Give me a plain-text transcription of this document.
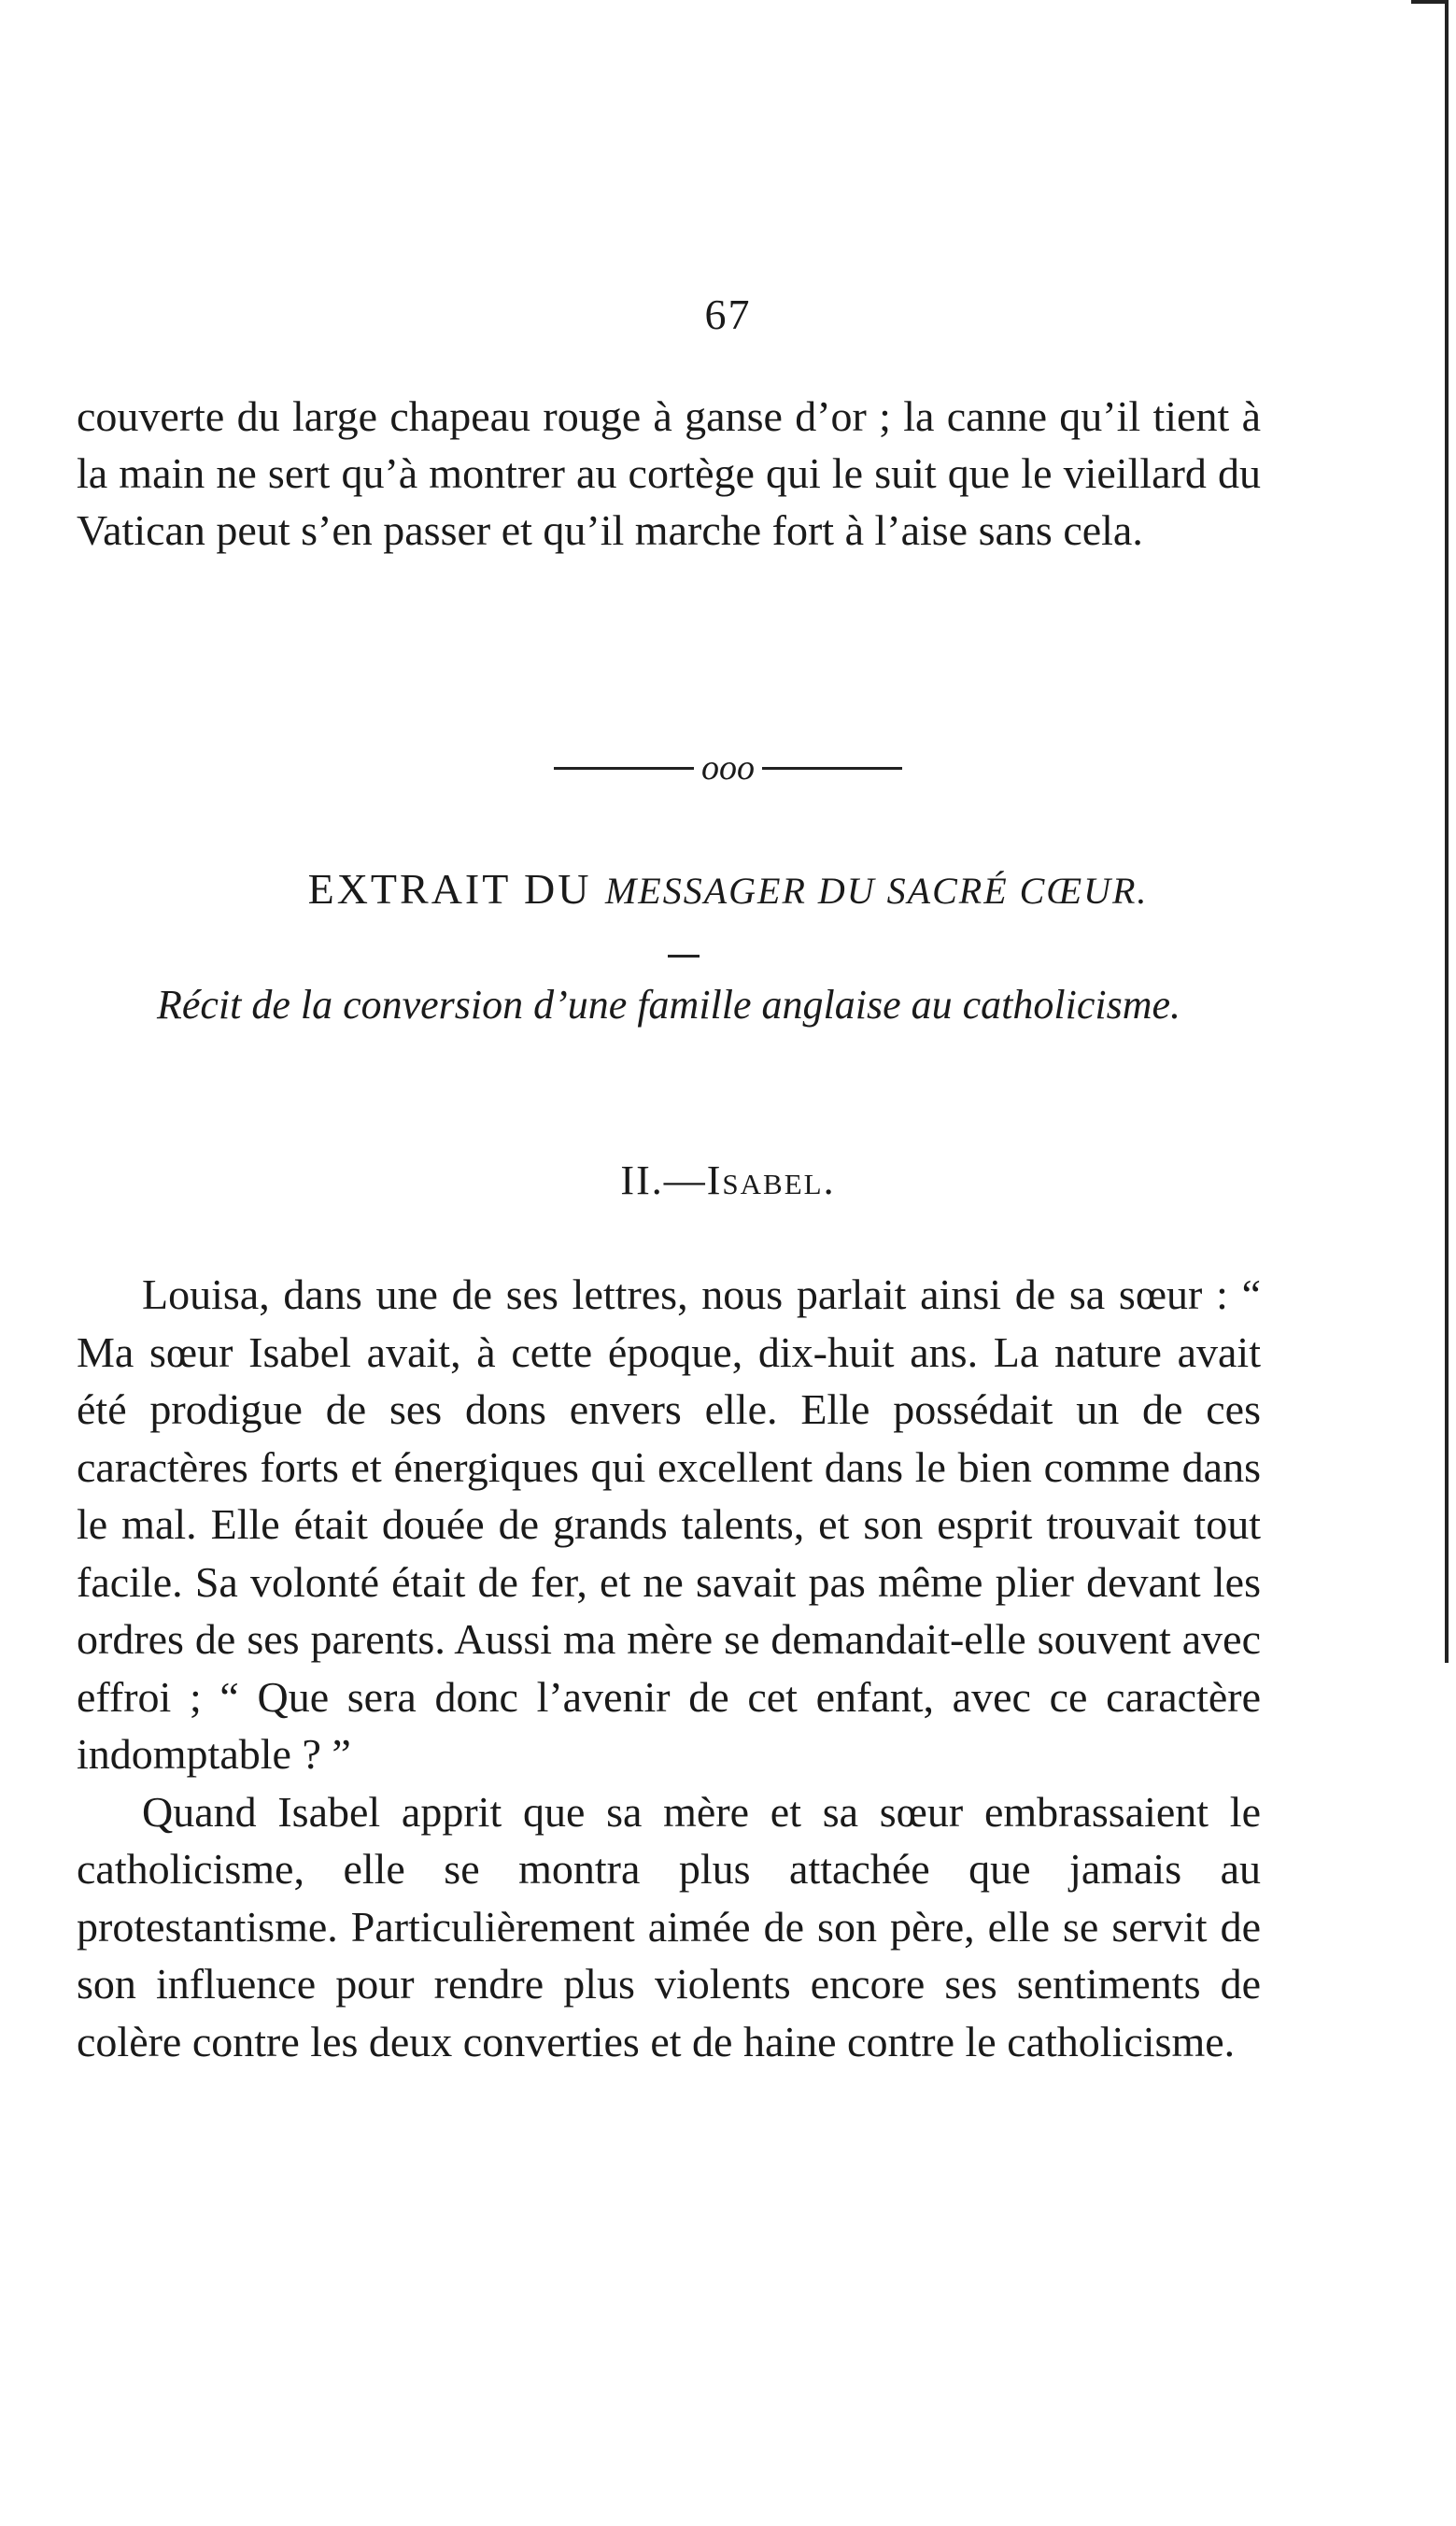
67
couverte du large chapeau rouge à ganse d’or ; la canne qu’il tient à la main ne sert qu’à montrer au cortège qui le suit que le vieillard du Vatican peut s’en passer et qu’il marche fort à l’aise sans cela.
ooo
EXTRAIT DU MESSAGER DU SACRÉ CŒUR.
Récit de la conversion d’une famille anglaise au catholicisme.
II.—Isabel.

Louisa, dans une de ses lettres, nous parlait ainsi de sa sœur : “ Ma sœur Isabel avait, à cette époque, dix-huit ans. La nature avait été prodigue de ses dons envers elle. Elle possédait un de ces caractères forts et énergiques qui excellent dans le bien comme dans le mal. Elle était douée de grands talents, et son esprit trouvait tout facile. Sa volonté était de fer, et ne savait pas même plier devant les ordres de ses parents. Aussi ma mère se demandait-elle souvent avec effroi ; “ Que sera donc l’avenir de cet enfant, avec ce caractère indomptable ? ”

Quand Isabel apprit que sa mère et sa sœur embrassaient le catholicisme, elle se montra plus attachée que jamais au protestantisme. Particulièrement aimée de son père, elle se servit de son influence pour rendre plus violents encore ses sentiments de colère contre les deux converties et de haine contre le catholicisme.
